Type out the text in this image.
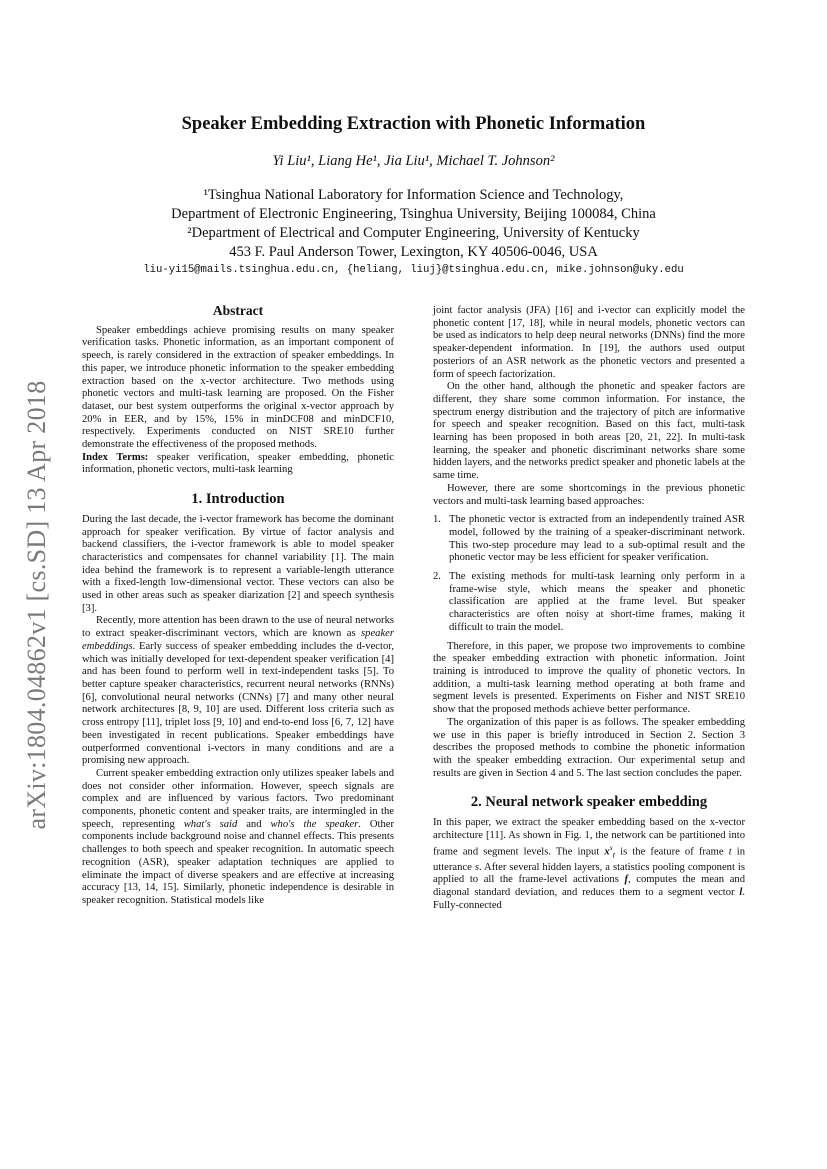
arXiv:1804.04862v1 [cs.SD] 13 Apr 2018
Speaker Embedding Extraction with Phonetic Information
Yi Liu¹, Liang He¹, Jia Liu¹, Michael T. Johnson²
¹Tsinghua National Laboratory for Information Science and Technology,
Department of Electronic Engineering, Tsinghua University, Beijing 100084, China
²Department of Electrical and Computer Engineering, University of Kentucky
453 F. Paul Anderson Tower, Lexington, KY 40506-0046, USA
liu-yi15@mails.tsinghua.edu.cn, {heliang, liuj}@tsinghua.edu.cn, mike.johnson@uky.edu
Abstract

Speaker embeddings achieve promising results on many speaker verification tasks. Phonetic information, as an important component of speech, is rarely considered in the extraction of speaker embeddings. In this paper, we introduce phonetic information to the speaker embedding extraction based on the x-vector architecture. Two methods using phonetic vectors and multi-task learning are proposed. On the Fisher dataset, our best system outperforms the original x-vector approach by 20% in EER, and by 15%, 15% in minDCF08 and minDCF10, respectively. Experiments conducted on NIST SRE10 further demonstrate the effectiveness of the proposed methods.

Index Terms: speaker verification, speaker embedding, phonetic information, phonetic vectors, multi-task learning

1. Introduction

During the last decade, the i-vector framework has become the dominant approach for speaker verification. By virtue of factor analysis and backend classifiers, the i-vector framework is able to model speaker characteristics and compensates for channel variability [1]. The main idea behind the framework is to represent a variable-length utterance with a fixed-length low-dimensional vector. These vectors can also be used in other areas such as speaker diarization [2] and speech synthesis [3].

Recently, more attention has been drawn to the use of neural networks to extract speaker-discriminant vectors, which are known as speaker embeddings. Early success of speaker embedding includes the d-vector, which was initially developed for text-dependent speaker verification [4] and has been found to perform well in text-independent tasks [5]. To better capture speaker characteristics, recurrent neural networks (RNNs) [6], convolutional neural networks (CNNs) [7] and many other neural network architectures [8, 9, 10] are used. Different loss criteria such as cross entropy [11], triplet loss [9, 10] and end-to-end loss [6, 7, 12] have been investigated in recent publications. Speaker embeddings have outperformed conventional i-vectors in many conditions and are a promising new approach.

Current speaker embedding extraction only utilizes speaker labels and does not consider other information. However, speech signals are complex and are influenced by various factors. Two predominant components, phonetic content and speaker traits, are intermingled in the speech, representing what's said and who's the speaker. Other components include background noise and channel effects. This presents challenges to both speech and speaker recognition. In automatic speech recognition (ASR), speaker adaptation techniques are applied to eliminate the impact of diverse speakers and are effective at increasing accuracy [13, 14, 15]. Similarly, phonetic independence is desirable in speaker recognition. Statistical models like

joint factor analysis (JFA) [16] and i-vector can explicitly model the phonetic content [17, 18], while in neural models, phonetic vectors can be used as indicators to help deep neural networks (DNNs) find the more speaker-dependent information. In [19], the authors used output posteriors of an ASR network as the phonetic vectors and presented a form of speech factorization.

On the other hand, although the phonetic and speaker factors are different, they share some common information. For instance, the spectrum energy distribution and the trajectory of pitch are informative for speech and speaker recognition. Based on this fact, multi-task learning has been proposed in both areas [20, 21, 22]. In multi-task learning, the speaker and phonetic discriminant networks share some hidden layers, and the networks predict speaker and phonetic labels at the same time.

However, there are some shortcomings in the previous phonetic vectors and multi-task learning based approaches:

1. The phonetic vector is extracted from an independently trained ASR model, followed by the training of a speaker-discriminant network. This two-step procedure may lead to a sub-optimal result and the phonetic vector may be less efficient for speaker verification.
2. The existing methods for multi-task learning only perform in a frame-wise style, which means the speaker and phonetic classification are applied at the frame level. But speaker characteristics are often noisy at short-time frames, making it difficult to train the model.

Therefore, in this paper, we propose two improvements to combine the speaker embedding extraction with phonetic information. Joint training is introduced to improve the quality of phonetic vectors. In addition, a multi-task learning method operating at both frame and segment levels is presented. Experiments on Fisher and NIST SRE10 show that the proposed methods achieve better performance.

The organization of this paper is as follows. The speaker embedding we use in this paper is briefly introduced in Section 2. Section 3 describes the proposed methods to combine the phonetic information with the speaker embedding extraction. Our experimental setup and results are given in Section 4 and 5. The last section concludes the paper.

2. Neural network speaker embedding

In this paper, we extract the speaker embedding based on the x-vector architecture [11]. As shown in Fig. 1, the network can be partitioned into frame and segment levels. The input $x^s_t$ is the feature of frame t in utterance s. After several hidden layers, a statistics pooling component is applied to all the frame-level activations f, computes the mean and diagonal standard deviation, and reduces them to a segment vector l. Fully-connected
